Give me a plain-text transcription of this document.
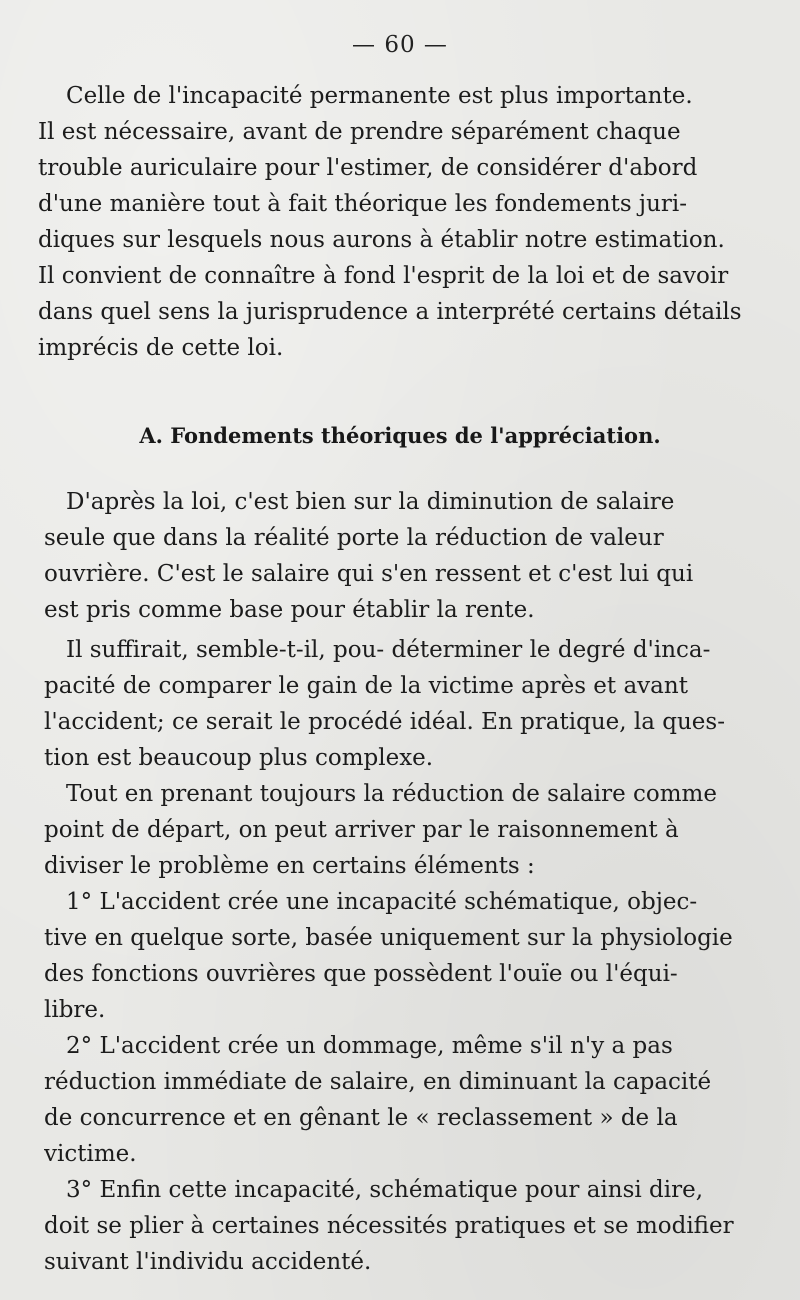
— 60 —
Celle de l'incapacité permanente est plus importante.
Il est nécessaire, avant de prendre séparément chaque
trouble auriculaire pour l'estimer, de considérer d'abord
d'une manière tout à fait théorique les fondements juri-
diques sur lesquels nous aurons à établir notre estimation.
Il convient de connaître à fond l'esprit de la loi et de savoir
dans quel sens la jurisprudence a interprété certains détails
imprécis de cette loi.
A. Fondements théoriques de l'appréciation.
D'après la loi, c'est bien sur la diminution de salaire
seule que dans la réalité porte la réduction de valeur
ouvrière. C'est le salaire qui s'en ressent et c'est lui qui
est pris comme base pour établir la rente.
Il suffirait, semble-t-il, pou- déterminer le degré d'inca-
pacité de comparer le gain de la victime après et avant
l'accident; ce serait le procédé idéal. En pratique, la ques-
tion est beaucoup plus complexe.
Tout en prenant toujours la réduction de salaire comme
point de départ, on peut arriver par le raisonnement à
diviser le problème en certains éléments :
1° L'accident crée une incapacité schématique, objec-
tive en quelque sorte, basée uniquement sur la physiologie
des fonctions ouvrières que possèdent l'ouïe ou l'équi-
libre.
2° L'accident crée un dommage, même s'il n'y a pas
réduction immédiate de salaire, en diminuant la capacité
de concurrence et en gênant le « reclassement » de la
victime.
3° Enfin cette incapacité, schématique pour ainsi dire,
doit se plier à certaines nécessités pratiques et se modifier
suivant l'individu accidenté.
